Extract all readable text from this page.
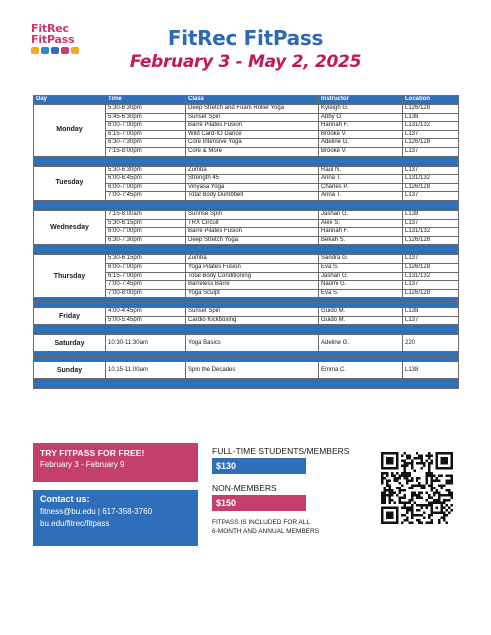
FitRec
FitPass	FitRec FitPass
February 3 - May 2, 2025
Day	Time	Class	Instructor	Location
Monday	5:30-6:30pm	Deep Stretch and Foam Roller Yoga	Kyleigh G.	L126/128
	5:45-6:30pm	Sunset Spin	Abby O.	L138
	6:00-7:00pm	Barre Pilates Fusion	Hannah F.	L131/132
	6:15-7:00pm	Wild Card-IO Dance	Brooke V.	L137
	6:30-7:30pm	Core Intensive Yoga	Adeline G.	L126/128
	7:15-8:00pm	Core & More	Brooke V.	L137

Tuesday	5:30-6:30pm	Zumba	Raul N.	L137
	6:00-6:45pm	Strength 45	Anna T.	L131/132
	6:00-7:00pm	Vinyasa Yoga	Charles P.	L126/128
	7:00-7:45pm	Total Body Dumbbell	Anna T.	L137

Wednesday	7:15-8:00am	Sunrise Spin	Jashan G.	L138
	5:30-6:15pm	TRX Circuit	Alex S.	L137
	6:00-7:00pm	Barre Pilates Fusion	Hannah F.	L131/132
	6:30-7:30pm	Deep Stretch Yoga	Bekah S.	L126/128

Thursday	5:30-6:15pm	Zumba	Sandra G.	L137
	6:00-7:00pm	Yoga Pilates Fusion	Eva S.	L126/128
	6:15-7:00pm	Total Body Conditioning	Jashan G.	L131/132
	7:00-7:45pm	Barreless Barre	Naomi G.	L137
	7:00-8:00pm	Yoga Sculpt	Eva S.	L126/128

Friday	4:00-4:45pm	Sunset Spin	Guido M.	L138
	5:00-5:45pm	Cardio Kickboxing	Guido M.	L137

Saturday	10:30-11:30am	Yoga Basics	Adeline G.	220

Sunday	10:15-11:00am	Spin the Decades	Emma C.	L138

TRY FITPASS FOR FREE!
February 3 - February 9
Contact us:
fitness@bu.edu | 617-358-3760
bu.edu/fitrec/fitpass
FULL-TIME STUDENTS/MEMBERS
$130
NON-MEMBERS
$150
FITPASS IS INCLUDED FOR ALL
6-MONTH AND ANNUAL MEMBERS
